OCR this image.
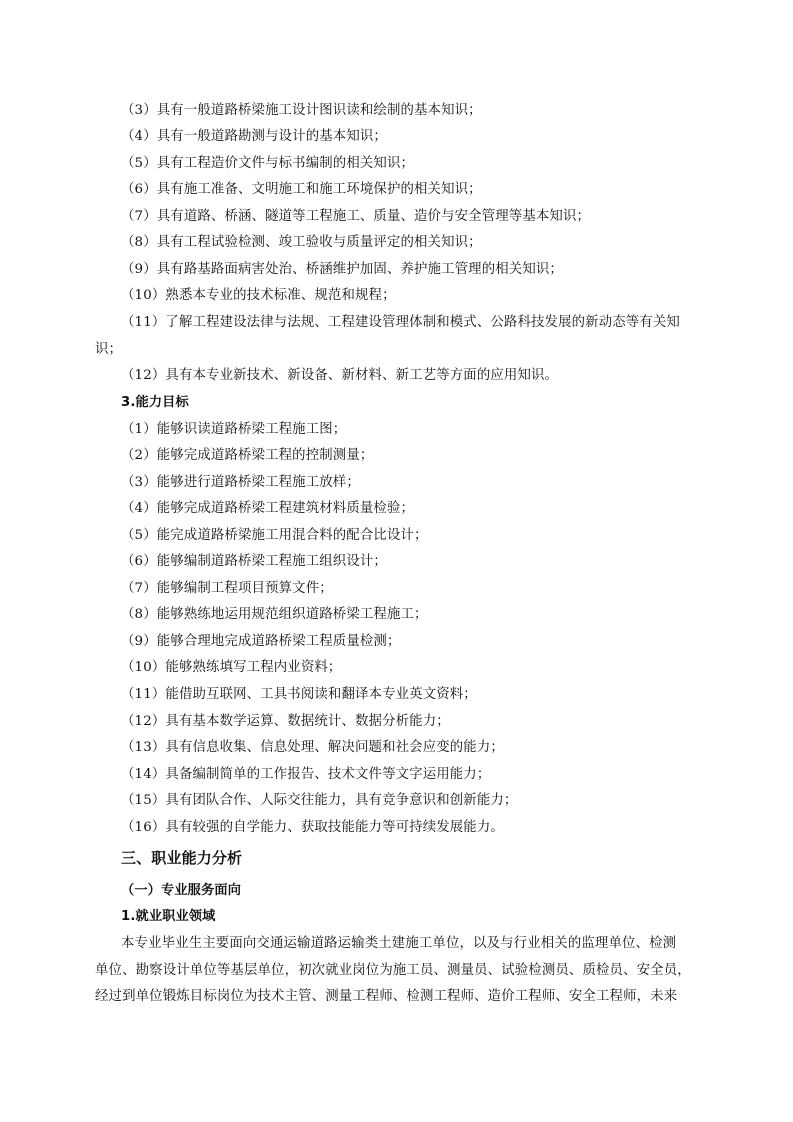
（3）具有一般道路桥梁施工设计图识读和绘制的基本知识；
（4）具有一般道路勘测与设计的基本知识；
（5）具有工程造价文件与标书编制的相关知识；
（6）具有施工准备、文明施工和施工环境保护的相关知识；
（7）具有道路、桥涵、隧道等工程施工、质量、造价与安全管理等基本知识；
（8）具有工程试验检测、竣工验收与质量评定的相关知识；
（9）具有路基路面病害处治、桥涵维护加固、养护施工管理的相关知识；
（10）熟悉本专业的技术标准、规范和规程；
（11）了解工程建设法律与法规、工程建设管理体制和模式、公路科技发展的新动态等有关知
识；
（12）具有本专业新技术、新设备、新材料、新工艺等方面的应用知识。
3.能力目标
（1）能够识读道路桥梁工程施工图；
（2）能够完成道路桥梁工程的控制测量；
（3）能够进行道路桥梁工程施工放样；
（4）能够完成道路桥梁工程建筑材料质量检验；
（5）能完成道路桥梁施工用混合料的配合比设计；
（6）能够编制道路桥梁工程施工组织设计；
（7）能够编制工程项目预算文件；
（8）能够熟练地运用规范组织道路桥梁工程施工；
（9）能够合理地完成道路桥梁工程质量检测；
（10）能够熟练填写工程内业资料；
（11）能借助互联网、工具书阅读和翻译本专业英文资料；
（12）具有基本数学运算、数据统计、数据分析能力；
（13）具有信息收集、信息处理、解决问题和社会应变的能力；
（14）具备编制简单的工作报告、技术文件等文字运用能力；
（15）具有团队合作、人际交往能力，具有竞争意识和创新能力；
（16）具有较强的自学能力、获取技能能力等可持续发展能力。
三、职业能力分析
（一）专业服务面向
1.就业职业领域
本专业毕业生主要面向交通运输道路运输类土建施工单位，以及与行业相关的监理单位、检测
单位、勘察设计单位等基层单位，初次就业岗位为施工员、测量员、试验检测员、质检员、安全员，
经过到单位锻炼目标岗位为技术主管、测量工程师、检测工程师、造价工程师、安全工程师，未来
